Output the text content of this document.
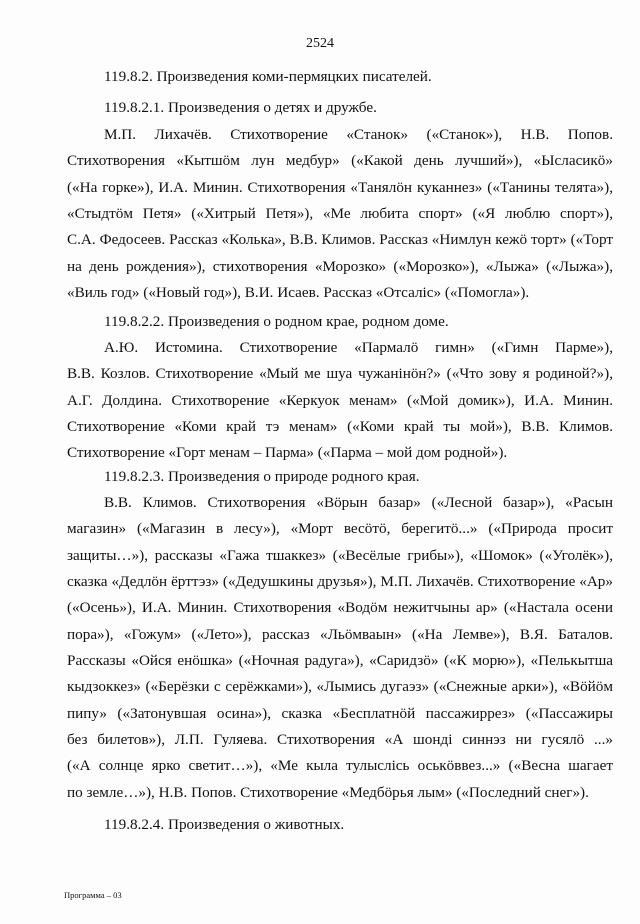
2524
119.8.2. Произведения коми-пермяцких писателей.
119.8.2.1. Произведения о детях и дружбе.
М.П. Лихачёв. Стихотворение «Станок» («Станок»), Н.В. Попов.
Стихотворения «Кытшӧм лун медбур» («Какой день лучший»), «Ыcласикӧ»
(«На горке»), И.А. Минин. Стихотворения «Танялӧн куканнез» («Танины телята»),
«Стыдтӧм Петя» («Хитрый Петя»), «Ме любита спорт» («Я люблю спорт»),
С.А. Федосеев. Рассказ «Колька», В.В. Климов. Рассказ «Нимлун кежӧ торт» («Торт
на день рождения»), стихотворения «Морозко» («Морозко»), «Лыжа» («Лыжа»),
«Виль год» («Новый год»), В.И. Исаев. Рассказ «Отсаліс» («Помогла»).
119.8.2.2. Произведения о родном крае, родном доме.
А.Ю. Истомина. Стихотворение «Пармалӧ гимн» («Гимн Парме»),
В.В. Козлов. Стихотворение «Мый ме шуа чужанінӧн?» («Что зову я родиной?»),
А.Г. Долдина. Стихотворение «Керкуок менам» («Мой домик»), И.А. Минин.
Стихотворение «Коми край тэ менам» («Коми край ты мой»), В.В. Климов.
Стихотворение «Горт менам – Парма» («Парма – мой дом родной»).
119.8.2.3. Произведения о природе родного края.
В.В. Климов. Стихотворения «Вӧрын базар» («Лесной базар»), «Расын
магазин» («Магазин в лесу»), «Морт весӧтӧ, берегитӧ...» («Природа просит
защиты…»), рассказы «Гажа тшаккез» («Весёлые грибы»), «Шомок» («Уголёк»),
сказка «Дедлӧн ёрттэз» («Дедушкины друзья»), М.П. Лихачёв. Стихотворение «Ар»
(«Осень»), И.А. Минин. Стихотворения «Водӧм нежитчыны ар» («Настала осени
пора»), «Гожум» («Лето»), рассказ «Льӧмваын» («На Лемве»), В.Я. Баталов.
Рассказы «Ойся енӧшка» («Ночная радуга»), «Саридзӧ» («К морю»), «Пелькытша
кыдзоккез» («Берёзки с серёжками»), «Лымись дугаэз» («Снежные арки»), «Вӧйӧм
пипу» («Затонувшая осина»), сказка «Бесплатнӧй пассажиррез» («Пассажиры
без билетов»), Л.П. Гуляева. Стихотворения «А шонді синнэз ни гусялӧ ...»
(«А солнце ярко светит…»), «Ме кыла тулыслісь оськӧввез...» («Весна шагает
по земле…»), Н.В. Попов. Стихотворение «Медбӧрья лым» («Последний снег»).
119.8.2.4. Произведения о животных.
Программа – 03
